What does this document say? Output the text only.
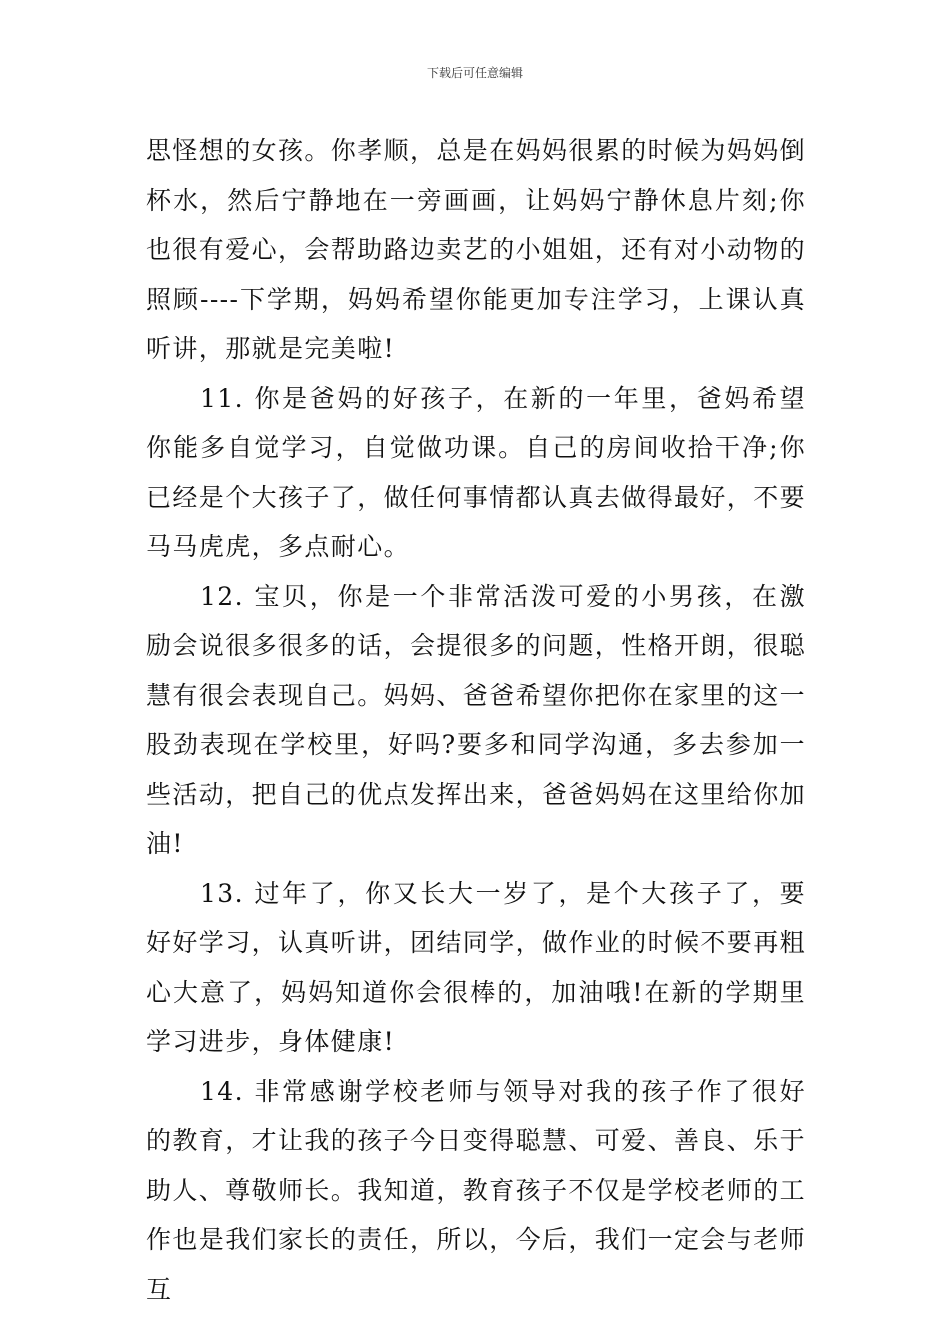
下载后可任意编辑

思怪想的女孩。你孝顺，总是在妈妈很累的时候为妈妈倒杯水，然后宁静地在一旁画画，让妈妈宁静休息片刻;你也很有爱心，会帮助路边卖艺的小姐姐，还有对小动物的照顾----下学期，妈妈希望你能更加专注学习，上课认真听讲，那就是完美啦!

11. 你是爸妈的好孩子，在新的一年里，爸妈希望你能多自觉学习，自觉做功课。自己的房间收拾干净;你已经是个大孩子了，做任何事情都认真去做得最好，不要马马虎虎，多点耐心。

12. 宝贝，你是一个非常活泼可爱的小男孩，在激励会说很多很多的话，会提很多的问题，性格开朗，很聪慧有很会表现自己。妈妈、爸爸希望你把你在家里的这一股劲表现在学校里，好吗?要多和同学沟通，多去参加一些活动，把自己的优点发挥出来，爸爸妈妈在这里给你加油!

13. 过年了，你又长大一岁了，是个大孩子了，要好好学习，认真听讲，团结同学，做作业的时候不要再粗心大意了，妈妈知道你会很棒的，加油哦!在新的学期里学习进步，身体健康!

14. 非常感谢学校老师与领导对我的孩子作了很好的教育，才让我的孩子今日变得聪慧、可爱、善良、乐于助人、尊敬师长。我知道，教育孩子不仅是学校老师的工作也是我们家长的责任，所以，今后，我们一定会与老师互
